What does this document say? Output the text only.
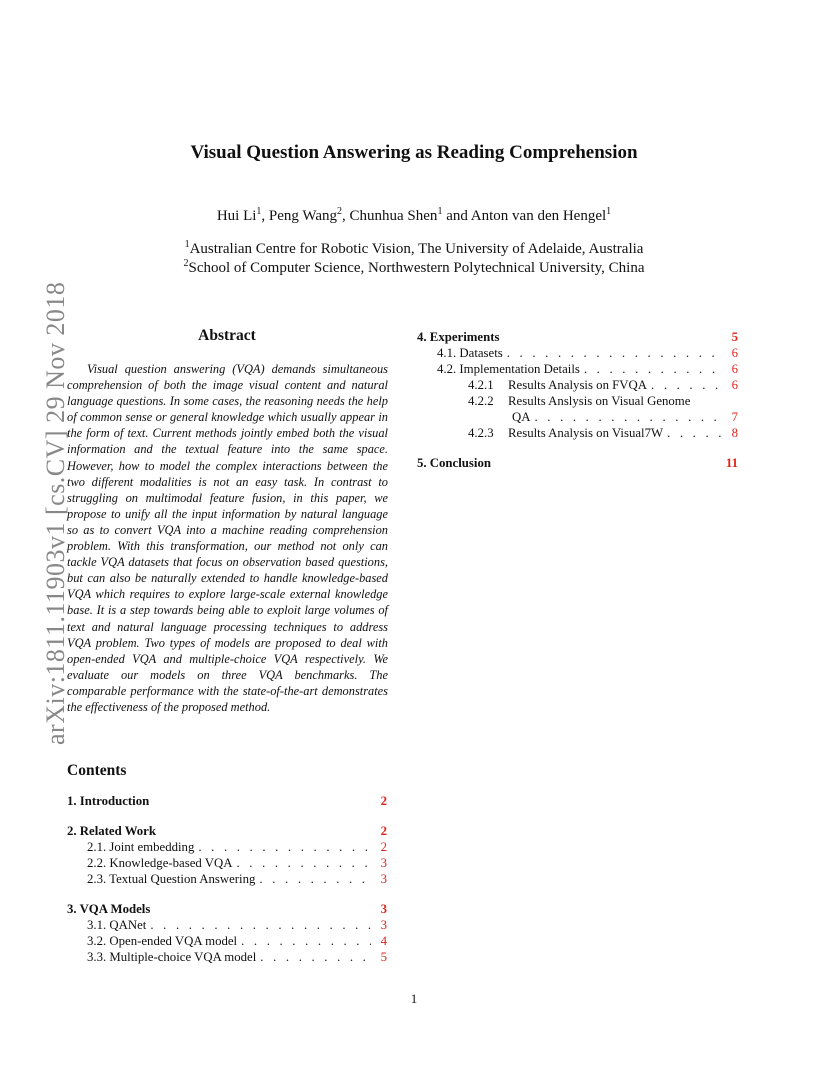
arXiv:1811.11903v1 [cs.CV] 29 Nov 2018
Visual Question Answering as Reading Comprehension
Hui Li$^1$, Peng Wang$^2$, Chunhua Shen$^1$ and Anton van den Hengel$^1$
$^1$Australian Centre for Robotic Vision, The University of Adelaide, Australia
$^2$School of Computer Science, Northwestern Polytechnical University, China
Abstract
Visual question answering (VQA) demands simultaneous comprehension of both the image visual content and natural language questions. In some cases, the reasoning needs the help of common sense or general knowledge which usually appear in the form of text. Current methods jointly embed both the visual information and the textual feature into the same space. However, how to model the complex interactions between the two different modalities is not an easy task. In contrast to struggling on multimodal feature fusion, in this paper, we propose to unify all the input information by natural language so as to convert VQA into a machine reading comprehension problem. With this transformation, our method not only can tackle VQA datasets that focus on observation based questions, but can also be naturally extended to handle knowledge-based VQA which requires to explore large-scale external knowledge base. It is a step towards being able to exploit large volumes of text and natural language processing techniques to address VQA problem. Two types of models are proposed to deal with open-ended VQA and multiple-choice VQA respectively. We evaluate our models on three VQA benchmarks. The comparable performance with the state-of-the-art demonstrates the effectiveness of the proposed method.
Contents
1. Introduction	2
2. Related Work	2
2.1. Joint embedding . . .	2
2.2. Knowledge-based VQA . . .	3
2.3. Textual Question Answering . . .	3
3. VQA Models	3
3.1. QANet . . .	3
3.2. Open-ended VQA model . . .	4
3.3. Multiple-choice VQA model . . .	5
4. Experiments	5
4.1. Datasets . . .	6
4.2. Implementation Details . . .	6
4.2.1 Results Analysis on FVQA . . .	6
4.2.2 Results Anslysis on Visual Genome
QA . . .	7
4.2.3 Results Analysis on Visual7W . . .	8
5. Conclusion	11
1
